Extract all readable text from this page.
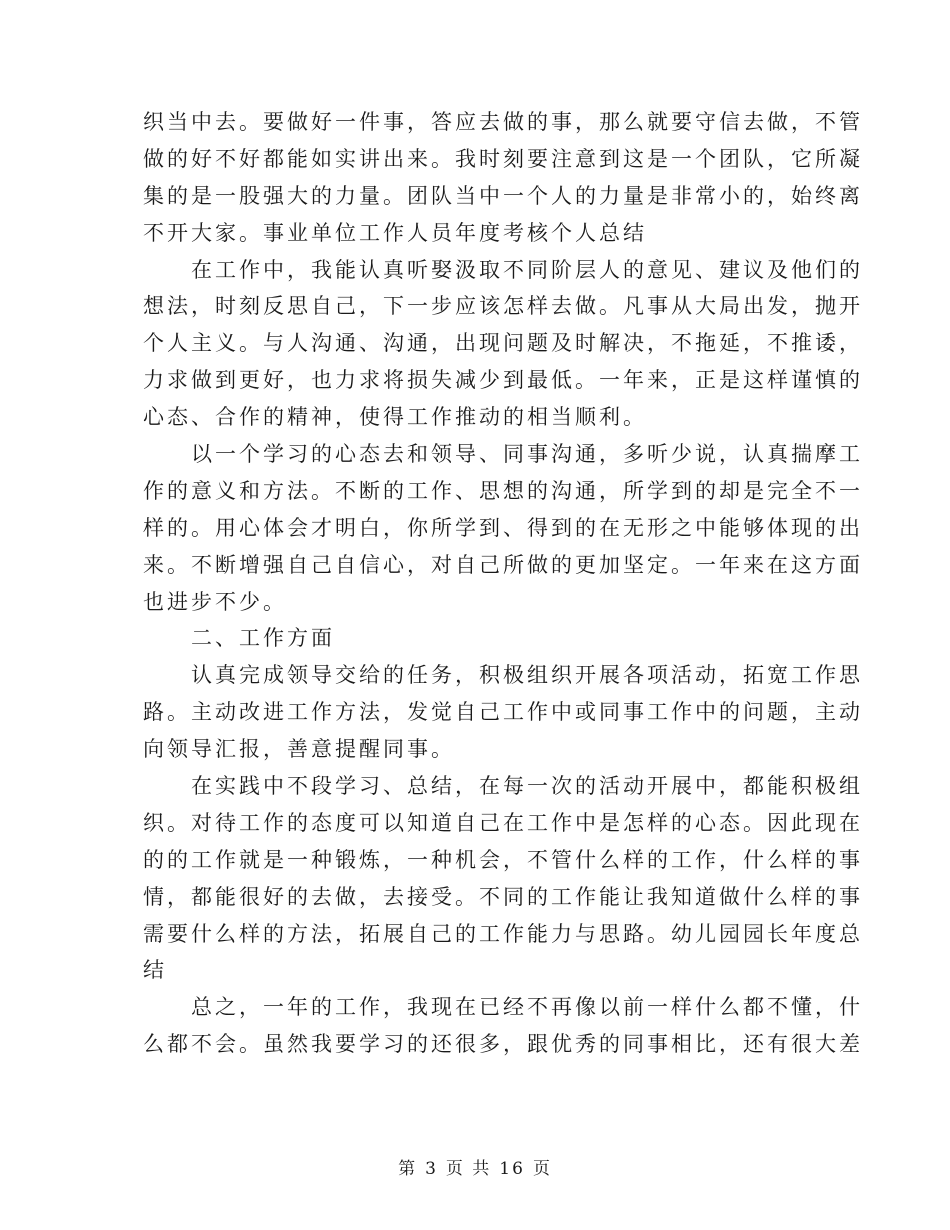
织当中去。要做好一件事，答应去做的事，那么就要守信去做，不管
做的好不好都能如实讲出来。我时刻要注意到这是一个团队，它所凝
集的是一股强大的力量。团队当中一个人的力量是非常小的，始终离
不开大家。事业单位工作人员年度考核个人总结
　　在工作中，我能认真听娶汲取不同阶层人的意见、建议及他们的
想法，时刻反思自己，下一步应该怎样去做。凡事从大局出发，抛开
个人主义。与人沟通、沟通，出现问题及时解决，不拖延，不推诿，
力求做到更好，也力求将损失减少到最低。一年来，正是这样谨慎的
心态、合作的精神，使得工作推动的相当顺利。
　　以一个学习的心态去和领导、同事沟通，多听少说，认真揣摩工
作的意义和方法。不断的工作、思想的沟通，所学到的却是完全不一
样的。用心体会才明白，你所学到、得到的在无形之中能够体现的出
来。不断增强自己自信心，对自己所做的更加坚定。一年来在这方面
也进步不少。
　　二、工作方面
　　认真完成领导交给的任务，积极组织开展各项活动，拓宽工作思
路。主动改进工作方法，发觉自己工作中或同事工作中的问题，主动
向领导汇报，善意提醒同事。
　　在实践中不段学习、总结，在每一次的活动开展中，都能积极组
织。对待工作的态度可以知道自己在工作中是怎样的心态。因此现在
的的工作就是一种锻炼，一种机会，不管什么样的工作，什么样的事
情，都能很好的去做，去接受。不同的工作能让我知道做什么样的事
需要什么样的方法，拓展自己的工作能力与思路。幼儿园园长年度总
结
　　总之，一年的工作，我现在已经不再像以前一样什么都不懂，什
么都不会。虽然我要学习的还很多，跟优秀的同事相比，还有很大差
第 3 页 共 16 页
